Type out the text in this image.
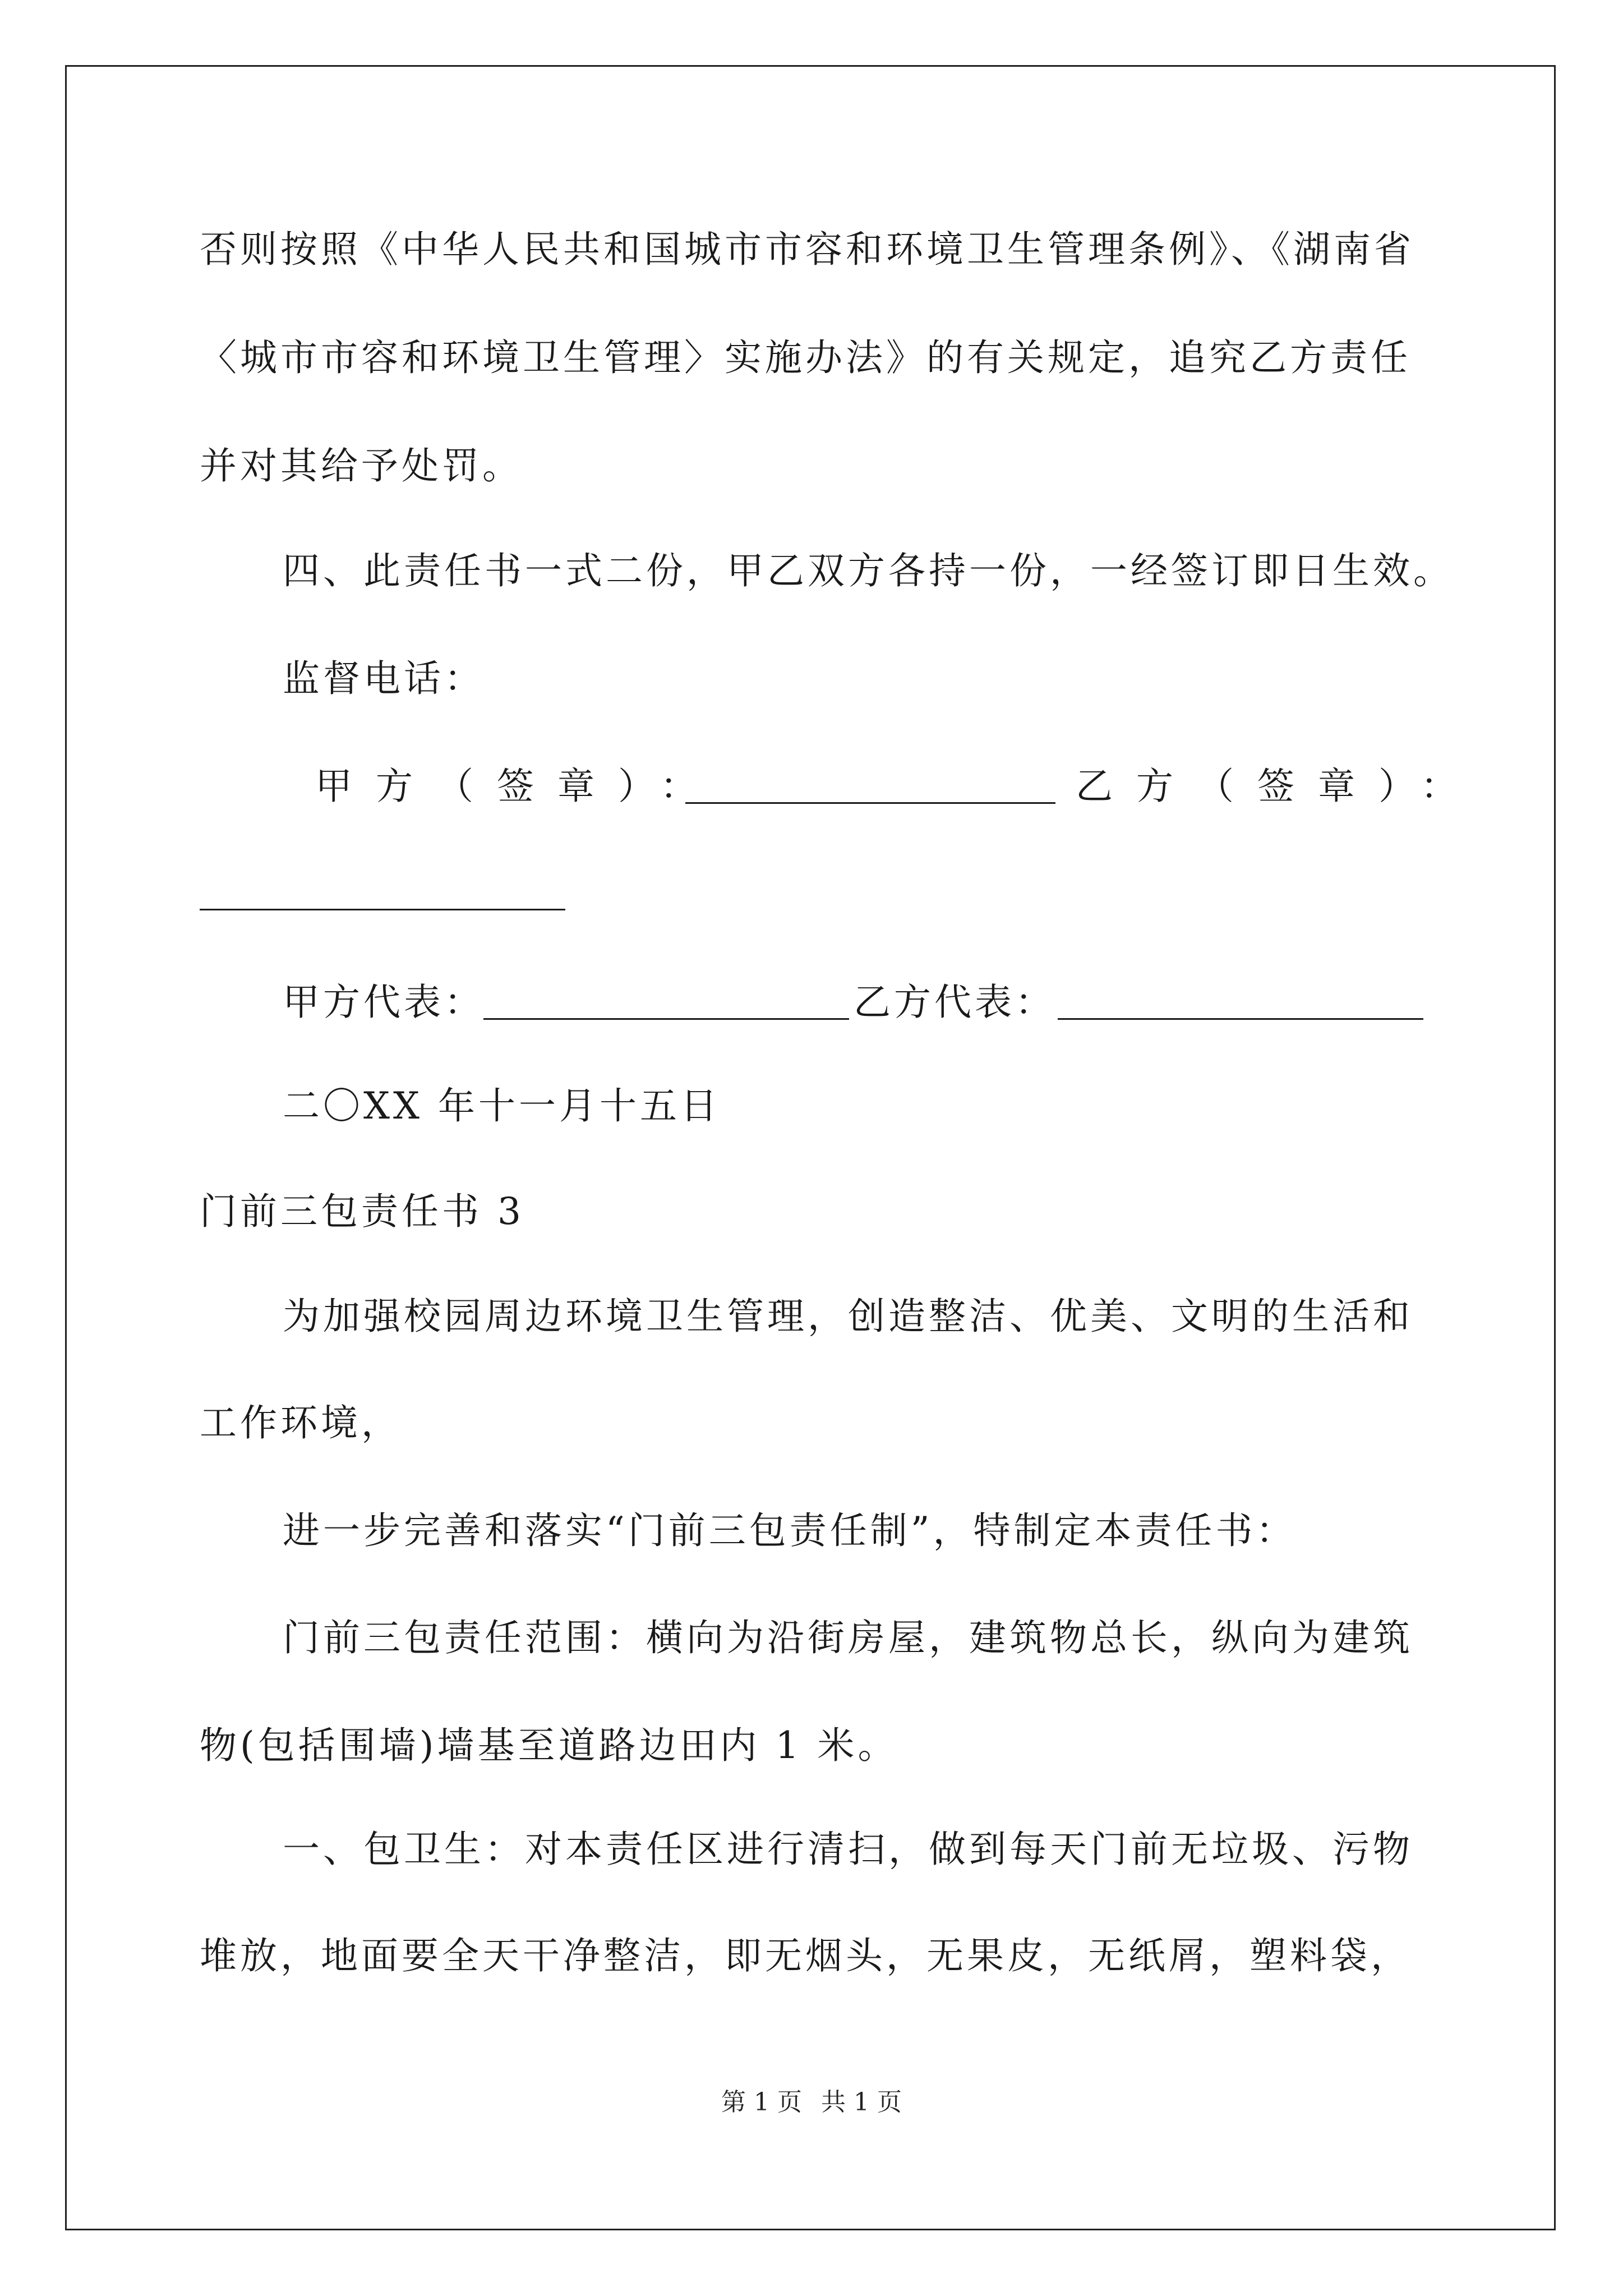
否则按照《中华人民共和国城市市容和环境卫生管理条例》、《湖南省
〈城市市容和环境卫生管理〉实施办法》的有关规定，追究乙方责任
并对其给予处罚。
四、此责任书一式二份，甲乙双方各持一份，一经签订即日生效。
监督电话：
甲方（签章）：	乙方（签章）：
甲方代表：	乙方代表：
二〇XX 年十一月十五日
门前三包责任书 3
为加强校园周边环境卫生管理，创造整洁、优美、文明的生活和
工作环境，
进一步完善和落实“门前三包责任制”，特制定本责任书：
门前三包责任范围：横向为沿街房屋，建筑物总长，纵向为建筑
物(包括围墙)墙基至道路边田内 1 米。
一、包卫生：对本责任区进行清扫，做到每天门前无垃圾、污物
堆放，地面要全天干净整洁，即无烟头，无果皮，无纸屑，塑料袋，
第 1 页 共 1 页
